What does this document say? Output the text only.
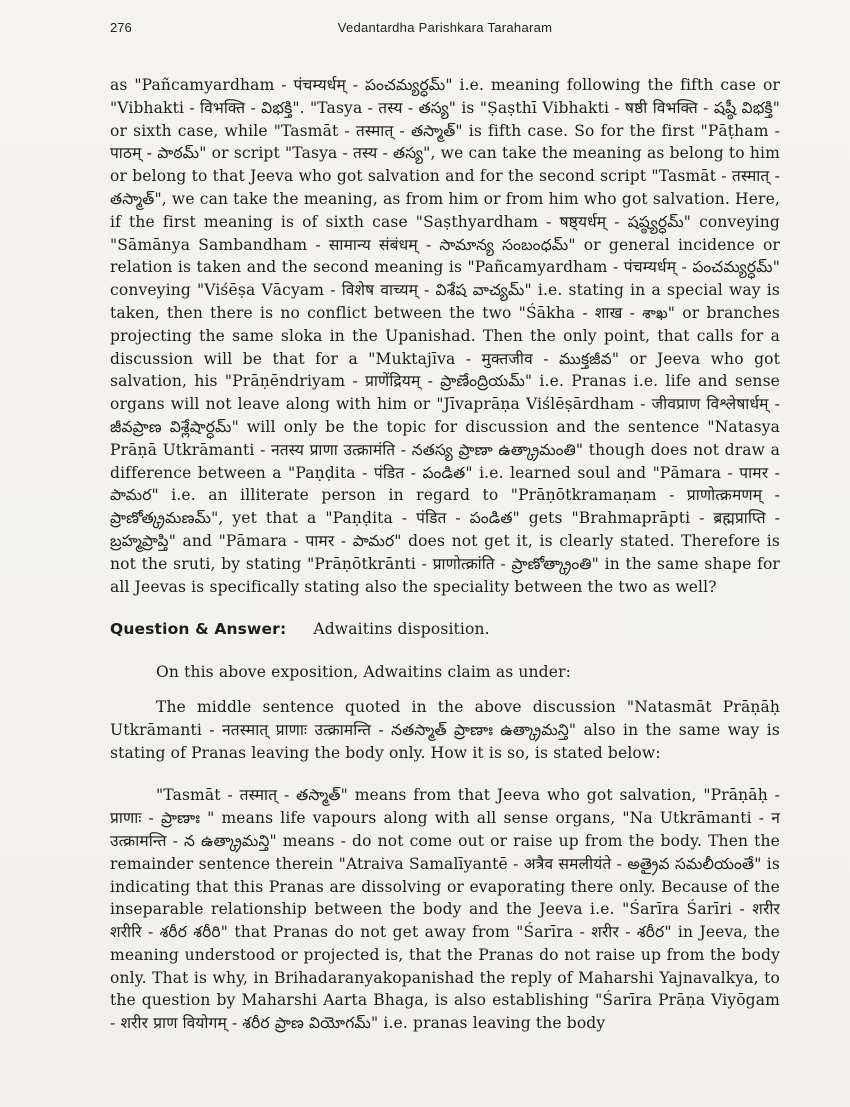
276	Vedantardha Parishkara Taraharam

as "Pañcamyardham - पंचम्यर्धम् - పంచమ్యర్ధమ్" i.e. meaning following the fifth case or "Vibhakti - विभक्ति - విభక్తి". "Tasya - तस्य - తస్య" is "Ṣaṣthī Vibhakti - षष्ठी विभक्ति - షష్ఠీ విభక్తి" or sixth case, while "Tasmāt - तस्मात् - తస్మాత్" is fifth case. So for the first "Pāṭham - पाठम् - పాఠమ్" or script "Tasya - तस्य - తస్య", we can take the meaning as belong to him or belong to that Jeeva who got salvation and for the second script "Tasmāt - तस्मात् - తస్మాత్", we can take the meaning, as from him or from him who got salvation. Here, if the first meaning is of sixth case "Saṣthyardham - षष्ठ्यर्धम् - షష్ఠ్యర్ధమ్" conveying "Sāmānya Sambandham - सामान्य संबंधम् - సామాన్య సంబంధమ్" or general incidence or relation is taken and the second meaning is "Pañcamyardham - पंचम्यर्धम् - పంచమ్యర్ధమ్" conveying "Viśēṣa Vācyam - विशेष वाच्यम् - విశేష వాచ్యమ్" i.e. stating in a special way is taken, then there is no conflict between the two "Śākha - शाख - శాఖ" or branches projecting the same sloka in the Upanishad. Then the only point, that calls for a discussion will be that for a "Muktajīva - मुक्तजीव - ముక్తజీవ" or Jeeva who got salvation, his "Prāṇēndriyam - प्राणेंद्रियम् - ప్రాణేంద్రియమ్" i.e. Pranas i.e. life and sense organs will not leave along with him or "Jīvaprāṇa Viślēṣārdham - जीवप्राण विश्लेषार्धम् - జీవప్రాణ విశ్లేషార్ధమ్" will only be the topic for discussion and the sentence "Natasya Prāṇā Utkrāmanti - नतस्य प्राणा उत्क्रामंति - నతస్య ప్రాణా ఉత్క్రామంతి" though does not draw a difference between a "Paṇḍita - पंडित - పండిత" i.e. learned soul and "Pāmara - पामर - పామర" i.e. an illiterate person in regard to "Prāṇōtkramaṇam - प्राणोत्क्रमणम् - ప్రాణోత్క్రమణమ్", yet that a "Paṇḍita - पंडित - పండిత" gets "Brahmaprāpti - ब्रह्मप्राप्ति - బ్రహ్మప్రాప్తి" and "Pāmara - पामर - పామర" does not get it, is clearly stated. Therefore is not the sruti, by stating "Prāṇōtkrānti - प्राणोत्क्रांति - ప్రాణోత్క్రాంతి" in the same shape for all Jeevas is specifically stating also the speciality between the two as well?

Question & Answer: Adwaitins disposition.

On this above exposition, Adwaitins claim as under:

The middle sentence quoted in the above discussion "Natasmāt Prāṇāḥ Utkrāmanti - नतस्मात् प्राणाः उत्क्रामन्ति - నతస్మాత్ ప్రాణాః ఉత్క్రామన్తి" also in the same way is stating of Pranas leaving the body only. How it is so, is stated below:

"Tasmāt - तस्मात् - తస్మాత్" means from that Jeeva who got salvation, "Prāṇāḥ - प्राणाः - ప్రాణాః " means life vapours along with all sense organs, "Na Utkrāmanti - न उत्क्रामन्ति - న ఉత్క్రామన్తి" means - do not come out or raise up from the body. Then the remainder sentence therein "Atraiva Samalīyantē - अत्रैव समलीयंते - అత్రైవ సమలీయంతే" is indicating that this Pranas are dissolving or evaporating there only. Because of the inseparable relationship between the body and the Jeeva i.e. "Śarīra Śarīri - शरीर शरीरि - శరీర శరీరి" that Pranas do not get away from "Śarīra - शरीर - శరీర" in Jeeva, the meaning understood or projected is, that the Pranas do not raise up from the body only. That is why, in Brihadaranyakopanishad the reply of Maharshi Yajnavalkya, to the question by Maharshi Aarta Bhaga, is also establishing "Śarīra Prāṇa Viyōgam - शरीर प्राण वियोगम् - శరీర ప్రాణ వియోగమ్" i.e. pranas leaving the body
